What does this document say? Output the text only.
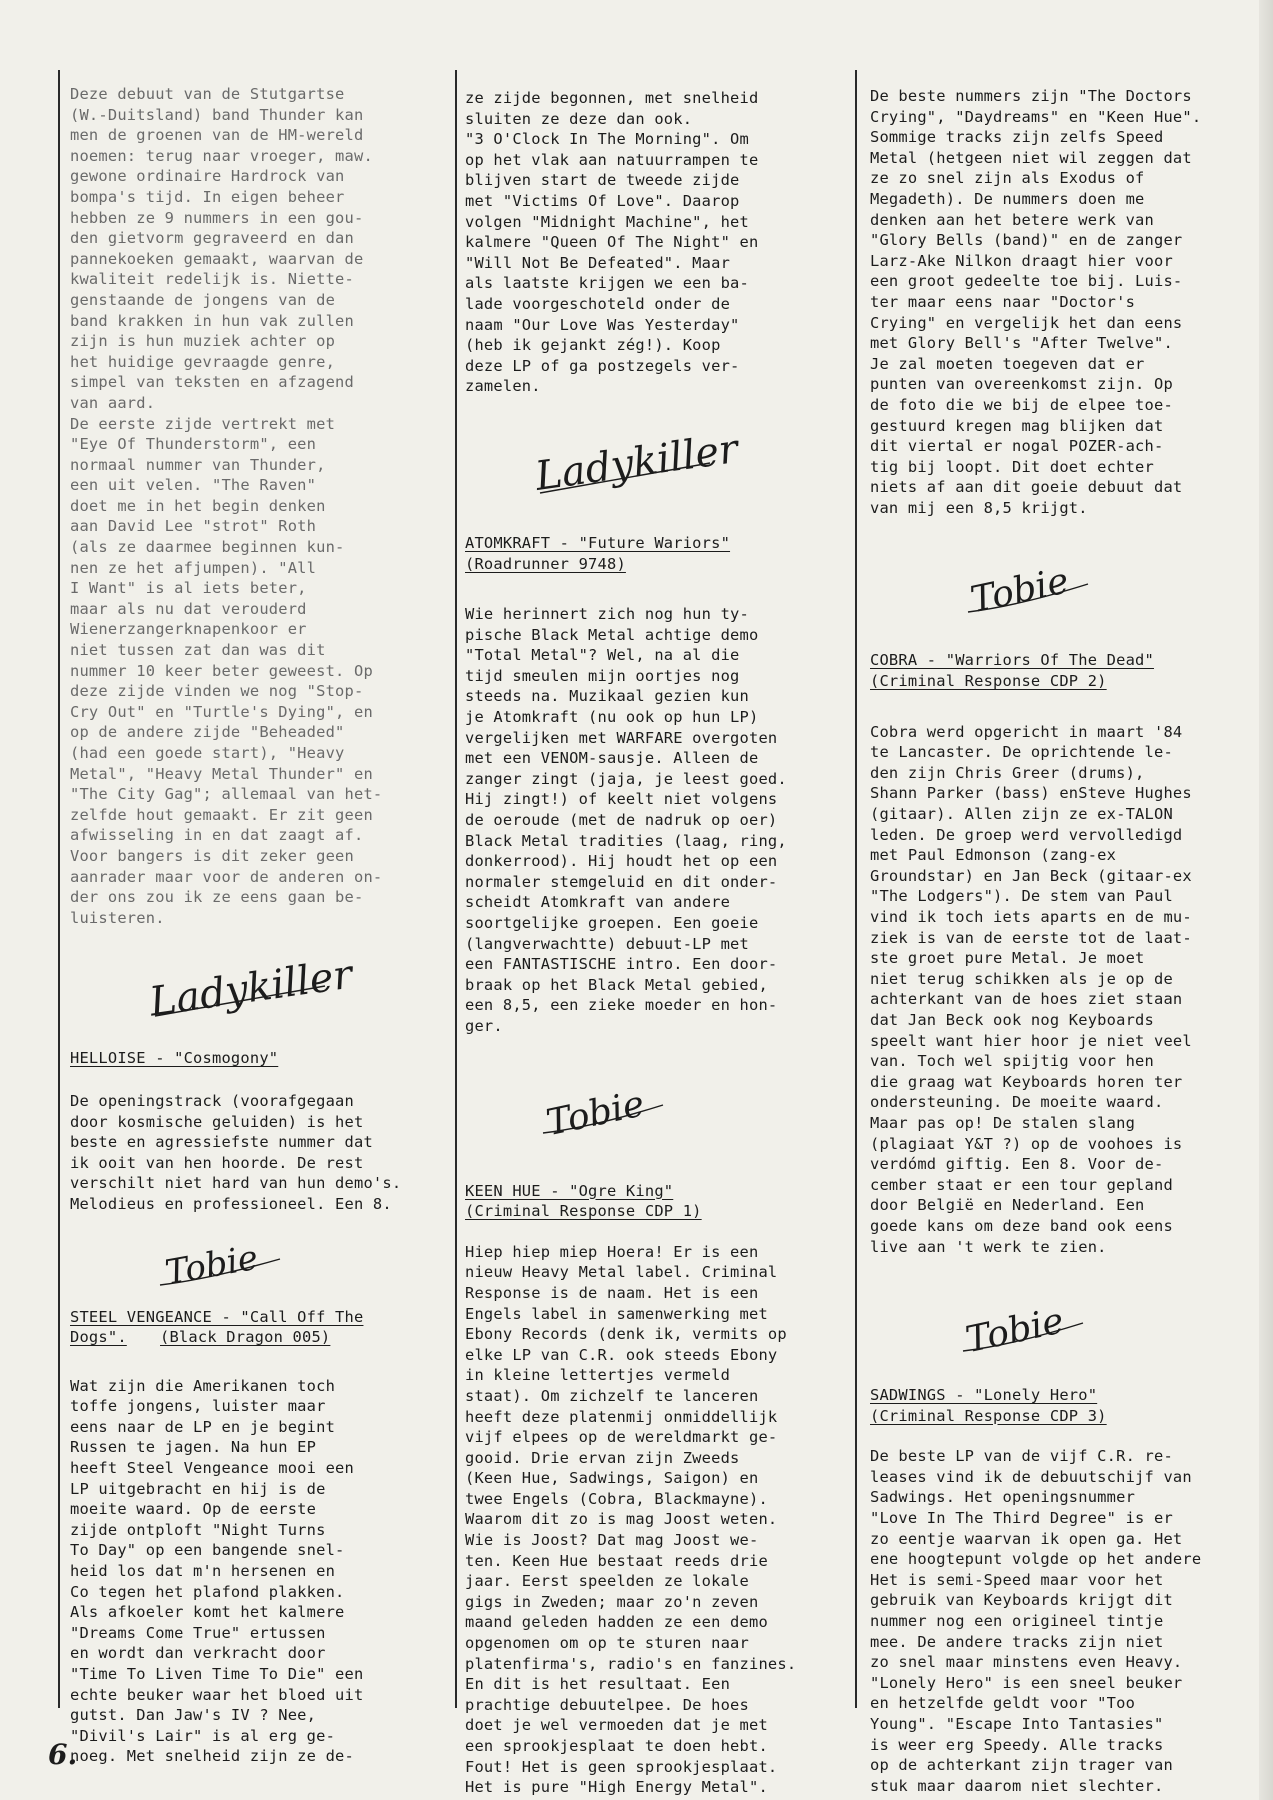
Deze debuut van de Stutgartse
(W.-Duitsland) band Thunder kan
men de groenen van de HM-wereld
noemen: terug naar vroeger, maw.
gewone ordinaire Hardrock van
bompa's tijd. In eigen beheer
hebben ze 9 nummers in een gou-
den gietvorm gegraveerd en dan
pannekoeken gemaakt, waarvan de
kwaliteit redelijk is. Niette-
genstaande de jongens van de
band krakken in hun vak zullen
zijn is hun muziek achter op
het huidige gevraagde genre,
simpel van teksten en afzagend
van aard.
De eerste zijde vertrekt met
"Eye Of Thunderstorm", een
normaal nummer van Thunder,
een uit velen. "The Raven"
doet me in het begin denken
aan David Lee "strot" Roth
(als ze daarmee beginnen kun-
nen ze het afjumpen). "All
I Want" is al iets beter,
maar als nu dat verouderd
Wienerzangerknapenkoor er
niet tussen zat dan was dit
nummer 10 keer beter geweest. Op
deze zijde vinden we nog "Stop-
Cry Out" en "Turtle's Dying", en
op de andere zijde "Beheaded"
(had een goede start), "Heavy
Metal", "Heavy Metal Thunder" en
"The City Gag"; allemaal van het-
zelfde hout gemaakt. Er zit geen
afwisseling in en dat zaagt af.
Voor bangers is dit zeker geen
aanrader maar voor de anderen on-
der ons zou ik ze eens gaan be-
luisteren.

Ladykiller

HELLOISE - "Cosmogony"

De openingstrack (voorafgegaan
door kosmische geluiden) is het
beste en agressiefste nummer dat
ik ooit van hen hoorde. De rest
verschilt niet hard van hun demo's.
Melodieus en professioneel. Een 8.

Tobie

STEEL VENGEANCE - "Call Off The
Dogs".	(Black Dragon 005)

Wat zijn die Amerikanen toch
toffe jongens, luister maar
eens naar de LP en je begint
Russen te jagen. Na hun EP
heeft Steel Vengeance mooi een
LP uitgebracht en hij is de
moeite waard. Op de eerste
zijde ontploft "Night Turns
To Day" op een bangende snel-
heid los dat m'n hersenen en
Co tegen het plafond plakken.
Als afkoeler komt het kalmere
"Dreams Come True" ertussen
en wordt dan verkracht door
"Time To Liven Time To Die" een
echte beuker waar het bloed uit
gutst. Dan Jaw's IV ? Nee,
"Divil's Lair" is al erg ge-
noeg. Met snelheid zijn ze de-

ze zijde begonnen, met snelheid
sluiten ze deze dan ook.
"3 O'Clock In The Morning". Om
op het vlak aan natuurrampen te
blijven start de tweede zijde
met "Victims Of Love". Daarop
volgen "Midnight Machine", het
kalmere "Queen Of The Night" en
"Will Not Be Defeated". Maar
als laatste krijgen we een ba-
lade voorgeschoteld onder de
naam "Our Love Was Yesterday"
(heb ik gejankt zég!). Koop
deze LP of ga postzegels ver-
zamelen.

Ladykiller

ATOMKRAFT - "Future Wariors"

(Roadrunner 9748)

Wie herinnert zich nog hun ty-
pische Black Metal achtige demo
"Total Metal"? Wel, na al die
tijd smeulen mijn oortjes nog
steeds na. Muzikaal gezien kun
je Atomkraft (nu ook op hun LP)
vergelijken met WARFARE overgoten
met een VENOM-sausje. Alleen de
zanger zingt (jaja, je leest goed.
Hij zingt!) of keelt niet volgens
de oeroude (met de nadruk op oer)
Black Metal tradities (laag, ring,
donkerrood). Hij houdt het op een
normaler stemgeluid en dit onder-
scheidt Atomkraft van andere
soortgelijke groepen. Een goeie
(langverwachtte) debuut-LP met
een FANTASTISCHE intro. Een door-
braak op het Black Metal gebied,
een 8,5, een zieke moeder en hon-
ger.

Tobie

KEEN HUE - "Ogre King"

(Criminal Response CDP 1)

Hiep hiep miep Hoera! Er is een
nieuw Heavy Metal label. Criminal
Response is de naam. Het is een
Engels label in samenwerking met
Ebony Records (denk ik, vermits op
elke LP van C.R. ook steeds Ebony
in kleine lettertjes vermeld
staat). Om zichzelf te lanceren
heeft deze platenmij onmiddellijk
vijf elpees op de wereldmarkt ge-
gooid. Drie ervan zijn Zweeds
(Keen Hue, Sadwings, Saigon) en
twee Engels (Cobra, Blackmayne).
Waarom dit zo is mag Joost weten.
Wie is Joost? Dat mag Joost we-
ten. Keen Hue bestaat reeds drie
jaar. Eerst speelden ze lokale
gigs in Zweden; maar zo'n zeven
maand geleden hadden ze een demo
opgenomen om op te sturen naar
platenfirma's, radio's en fanzines.
En dit is het resultaat. Een
prachtige debuutelpee. De hoes
doet je wel vermoeden dat je met
een sprookjesplaat te doen hebt.
Fout! Het is geen sprookjesplaat.
Het is pure "High Energy Metal".

De beste nummers zijn "The Doctors
Crying", "Daydreams" en "Keen Hue".
Sommige tracks zijn zelfs Speed
Metal (hetgeen niet wil zeggen dat
ze zo snel zijn als Exodus of
Megadeth). De nummers doen me
denken aan het betere werk van
"Glory Bells (band)" en de zanger
Larz-Ake Nilkon draagt hier voor
een groot gedeelte toe bij. Luis-
ter maar eens naar "Doctor's
Crying" en vergelijk het dan eens
met Glory Bell's "After Twelve".
Je zal moeten toegeven dat er
punten van overeenkomst zijn. Op
de foto die we bij de elpee toe-
gestuurd kregen mag blijken dat
dit viertal er nogal POZER-ach-
tig bij loopt. Dit doet echter
niets af aan dit goeie debuut dat
van mij een 8,5 krijgt.

Tobie

COBRA - "Warriors Of The Dead"

(Criminal Response CDP 2)

Cobra werd opgericht in maart '84
te Lancaster. De oprichtende le-
den zijn Chris Greer (drums),
Shann Parker (bass) enSteve Hughes
(gitaar). Allen zijn ze ex-TALON
leden. De groep werd vervolledigd
met Paul Edmonson (zang-ex
Groundstar) en Jan Beck (gitaar-ex
"The Lodgers"). De stem van Paul
vind ik toch iets aparts en de mu-
ziek is van de eerste tot de laat-
ste groet pure Metal. Je moet
niet terug schikken als je op de
achterkant van de hoes ziet staan
dat Jan Beck ook nog Keyboards
speelt want hier hoor je niet veel
van. Toch wel spijtig voor hen
die graag wat Keyboards horen ter
ondersteuning. De moeite waard.
Maar pas op! De stalen slang
(plagiaat Y&T ?) op de voohoes is
verdómd giftig. Een 8. Voor de-
cember staat er een tour gepland
door België en Nederland. Een
goede kans om deze band ook eens
live aan 't werk te zien.

Tobie

SADWINGS - "Lonely Hero"

(Criminal Response CDP 3)

De beste LP van de vijf C.R. re-
leases vind ik de debuutschijf van
Sadwings. Het openingsnummer
"Love In The Third Degree" is er
zo eentje waarvan ik open ga. Het
ene hoogtepunt volgde op het andere
Het is semi-Speed maar voor het
gebruik van Keyboards krijgt dit
nummer nog een origineel tintje
mee. De andere tracks zijn niet
zo snel maar minstens even Heavy.
"Lonely Hero" is een sneel beuker
en hetzelfde geldt voor "Too
Young". "Escape Into Tantasies"
is weer erg Speedy. Alle tracks
op de achterkant zijn trager van
stuk maar daarom niet slechter.

6.
